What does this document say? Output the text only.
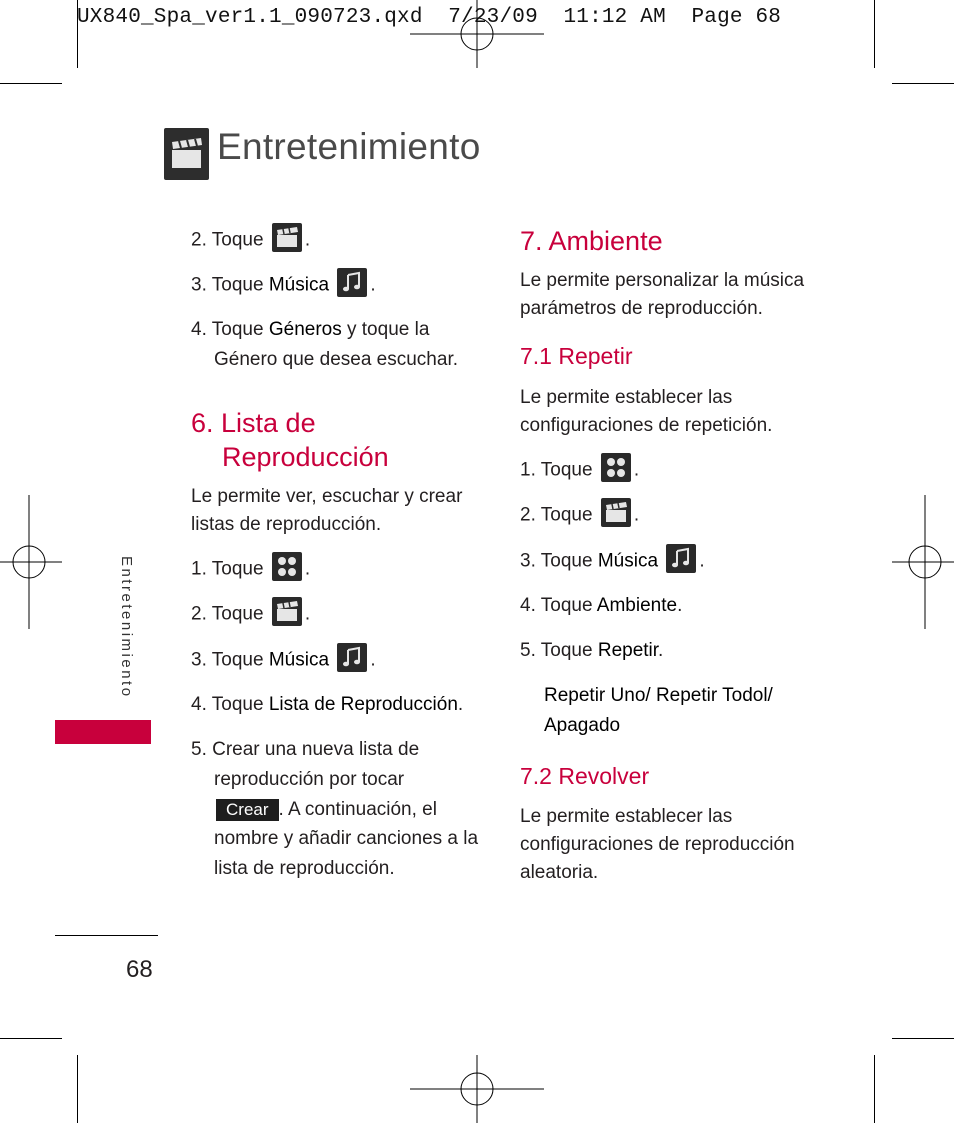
UX840_Spa_ver1.1_090723.qxd  7/23/09  11:12 AM  Page 68
Entretenimiento
Entretenimiento
2. Toque .
3. Toque Música .
4. Toque Géneros y toque la
Género que desea escuchar.
6. Lista de
Reproducción
Le permite ver, escuchar y crear
listas de reproducción.
1. Toque .
2. Toque .
3. Toque Música .
4. Toque Lista de Reproducción.
5. Crear una nueva lista de
reproducción por tocar
Crear . A continuación, el
nombre y añadir canciones a la
lista de reproducción.
7. Ambiente
Le permite personalizar la música
parámetros de reproducción.
7.1 Repetir
Le permite establecer las
configuraciones de repetición.
1. Toque .
2. Toque .
3. Toque Música .
4. Toque Ambiente.
5. Toque Repetir.
Repetir Uno/ Repetir Todol/
Apagado
7.2 Revolver
Le permite establecer las
configuraciones de reproducción
aleatoria.
68
